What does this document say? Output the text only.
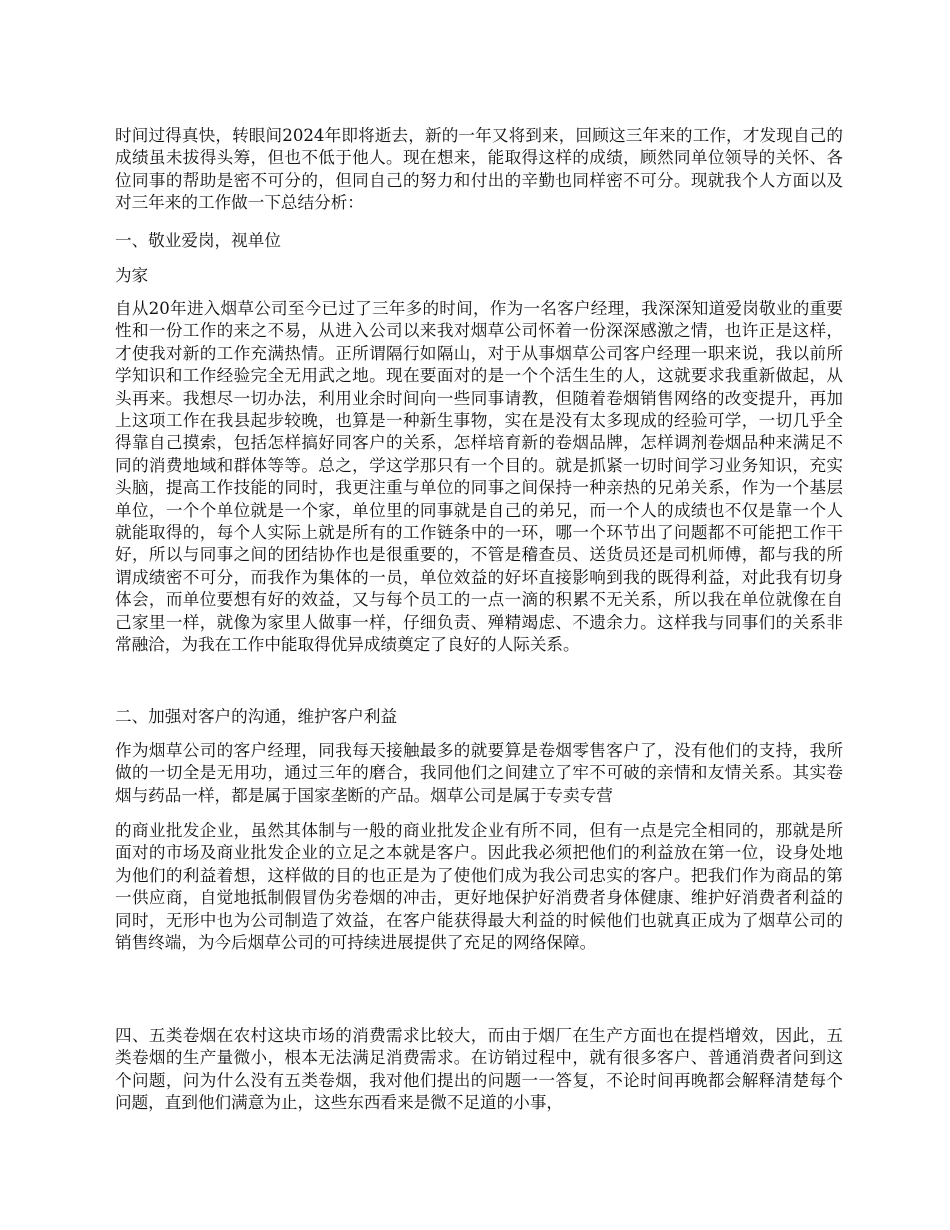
时间过得真快，转眼间2024年即将逝去，新的一年又将到来，回顾这三年来的工作，才发现自己的成绩虽未拔得头筹，但也不低于他人。现在想来，能取得这样的成绩，顾然同单位领导的关怀、各位同事的帮助是密不可分的，但同自己的努力和付出的辛勤也同样密不可分。现就我个人方面以及对三年来的工作做一下总结分析：

一、敬业爱岗，视单位

为家

自从20年进入烟草公司至今已过了三年多的时间，作为一名客户经理，我深深知道爱岗敬业的重要性和一份工作的来之不易，从进入公司以来我对烟草公司怀着一份深深感激之情，也许正是这样，才使我对新的工作充满热情。正所谓隔行如隔山，对于从事烟草公司客户经理一职来说，我以前所学知识和工作经验完全无用武之地。现在要面对的是一个个活生生的人，这就要求我重新做起，从头再来。我想尽一切办法，利用业余时间向一些同事请教，但随着卷烟销售网络的改变提升，再加上这项工作在我县起步较晚，也算是一种新生事物，实在是没有太多现成的经验可学，一切几乎全得靠自己摸索，包括怎样搞好同客户的关系，怎样培育新的卷烟品牌，怎样调剂卷烟品种来满足不同的消费地域和群体等等。总之，学这学那只有一个目的。就是抓紧一切时间学习业务知识，充实头脑，提高工作技能的同时，我更注重与单位的同事之间保持一种亲热的兄弟关系，作为一个基层单位，一个个单位就是一个家，单位里的同事就是自己的弟兄，而一个人的成绩也不仅是靠一个人就能取得的，每个人实际上就是所有的工作链条中的一环，哪一个环节出了问题都不可能把工作干好，所以与同事之间的团结协作也是很重要的，不管是稽查员、送货员还是司机师傅，都与我的所谓成绩密不可分，而我作为集体的一员，单位效益的好坏直接影响到我的既得利益，对此我有切身体会，而单位要想有好的效益，又与每个员工的一点一滴的积累不无关系，所以我在单位就像在自己家里一样，就像为家里人做事一样，仔细负责、殚精竭虑、不遗余力。这样我与同事们的关系非常融洽，为我在工作中能取得优异成绩奠定了良好的人际关系。

二、加强对客户的沟通，维护客户利益

作为烟草公司的客户经理，同我每天接触最多的就要算是卷烟零售客户了，没有他们的支持，我所做的一切全是无用功，通过三年的磨合，我同他们之间建立了牢不可破的亲情和友情关系。其实卷烟与药品一样，都是属于国家垄断的产品。烟草公司是属于专卖专营

的商业批发企业，虽然其体制与一般的商业批发企业有所不同，但有一点是完全相同的，那就是所面对的市场及商业批发企业的立足之本就是客户。因此我必须把他们的利益放在第一位，设身处地为他们的利益着想，这样做的目的也正是为了使他们成为我公司忠实的客户。把我们作为商品的第一供应商，自觉地抵制假冒伪劣卷烟的冲击，更好地保护好消费者身体健康、维护好消费者利益的同时，无形中也为公司制造了效益，在客户能获得最大利益的时候他们也就真正成为了烟草公司的销售终端，为今后烟草公司的可持续进展提供了充足的网络保障。

四、五类卷烟在农村这块市场的消费需求比较大，而由于烟厂在生产方面也在提档增效，因此，五类卷烟的生产量微小，根本无法满足消费需求。在访销过程中，就有很多客户、普通消费者问到这个问题，问为什么没有五类卷烟，我对他们提出的问题一一答复，不论时间再晚都会解释清楚每个问题，直到他们满意为止，这些东西看来是微不足道的小事，
